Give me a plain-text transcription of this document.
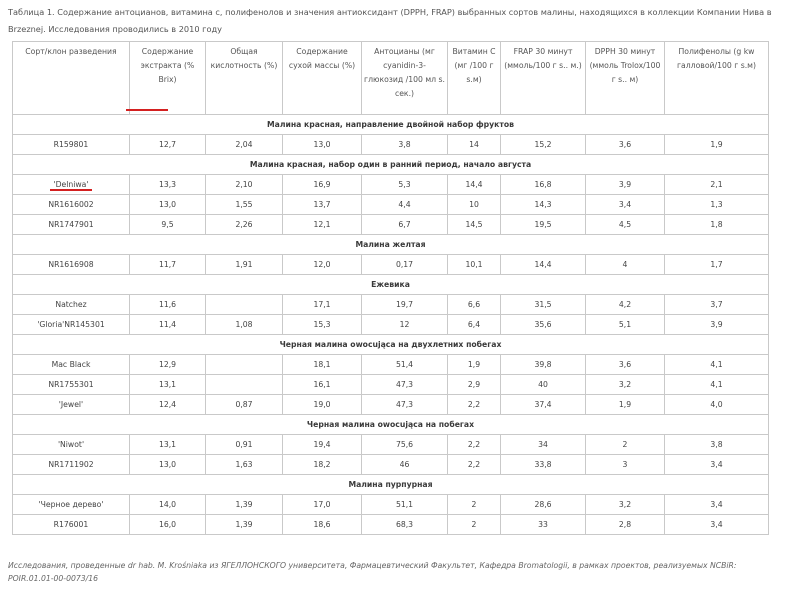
Таблица 1. Содержание антоцианов, витамина с, полифенолов и значения антиоксидант (DPPH, FRAP) выбранных сортов малины, находящихся в коллекции Компании Нива в Brzeznej. Исследования проводились в 2010 году
Сорт/клон разведения	Содержание экстракта (% Brix)	Общая кислотность (%)	Содержание сухой массы (%)	Антоцианы (мг cyanidin-3-глюкозид /100 мл s. сек.)	Витамин C (мг /100 г s.м)	FRAP 30 минут (ммоль/100 г s.. м.)	DPPH 30 минут (ммоль Trolox/100 г s.. м)	Полифенолы (g kw галловой/100 г s.м)
Малина красная, направление двойной набор фруктов								
R159801	12,7	2,04	13,0	3,8	14	15,2	3,6	1,9
Малина красная, набор один в ранний период, начало августа								
'Delniwa'	13,3	2,10	16,9	5,3	14,4	16,8	3,9	2,1
NR1616002	13,0	1,55	13,7	4,4	10	14,3	3,4	1,3
NR1747901	9,5	2,26	12,1	6,7	14,5	19,5	4,5	1,8
Малина желтая								
NR1616908	11,7	1,91	12,0	0,17	10,1	14,4	4	1,7
Ежевика								
Natchez	11,6		17,1	19,7	6,6	31,5	4,2	3,7
'Gloria'NR145301	11,4	1,08	15,3	12	6,4	35,6	5,1	3,9
Черная малина owocująca на двухлетних побегах								
Mac Black	12,9		18,1	51,4	1,9	39,8	3,6	4,1
NR1755301	13,1		16,1	47,3	2,9	40	3,2	4,1
'Jewel'	12,4	0,87	19,0	47,3	2,2	37,4	1,9	4,0
Черная малина owocująca на побегах								
'Niwot'	13,1	0,91	19,4	75,6	2,2	34	2	3,8
NR1711902	13,0	1,63	18,2	46	2,2	33,8	3	3,4
Малина пурпурная								
'Черное дерево'	14,0	1,39	17,0	51,1	2	28,6	3,2	3,4
R176001	16,0	1,39	18,6	68,3	2	33	2,8	3,4
Исследования, проведенные dr hab. M. Krośniaka из ЯГЕЛЛОНСКОГО университета, Фармацевтический Факультет, Кафедра Bromatologii, в рамках проектов, реализуемых NCBiR: POIR.01.01-00-0073/16
